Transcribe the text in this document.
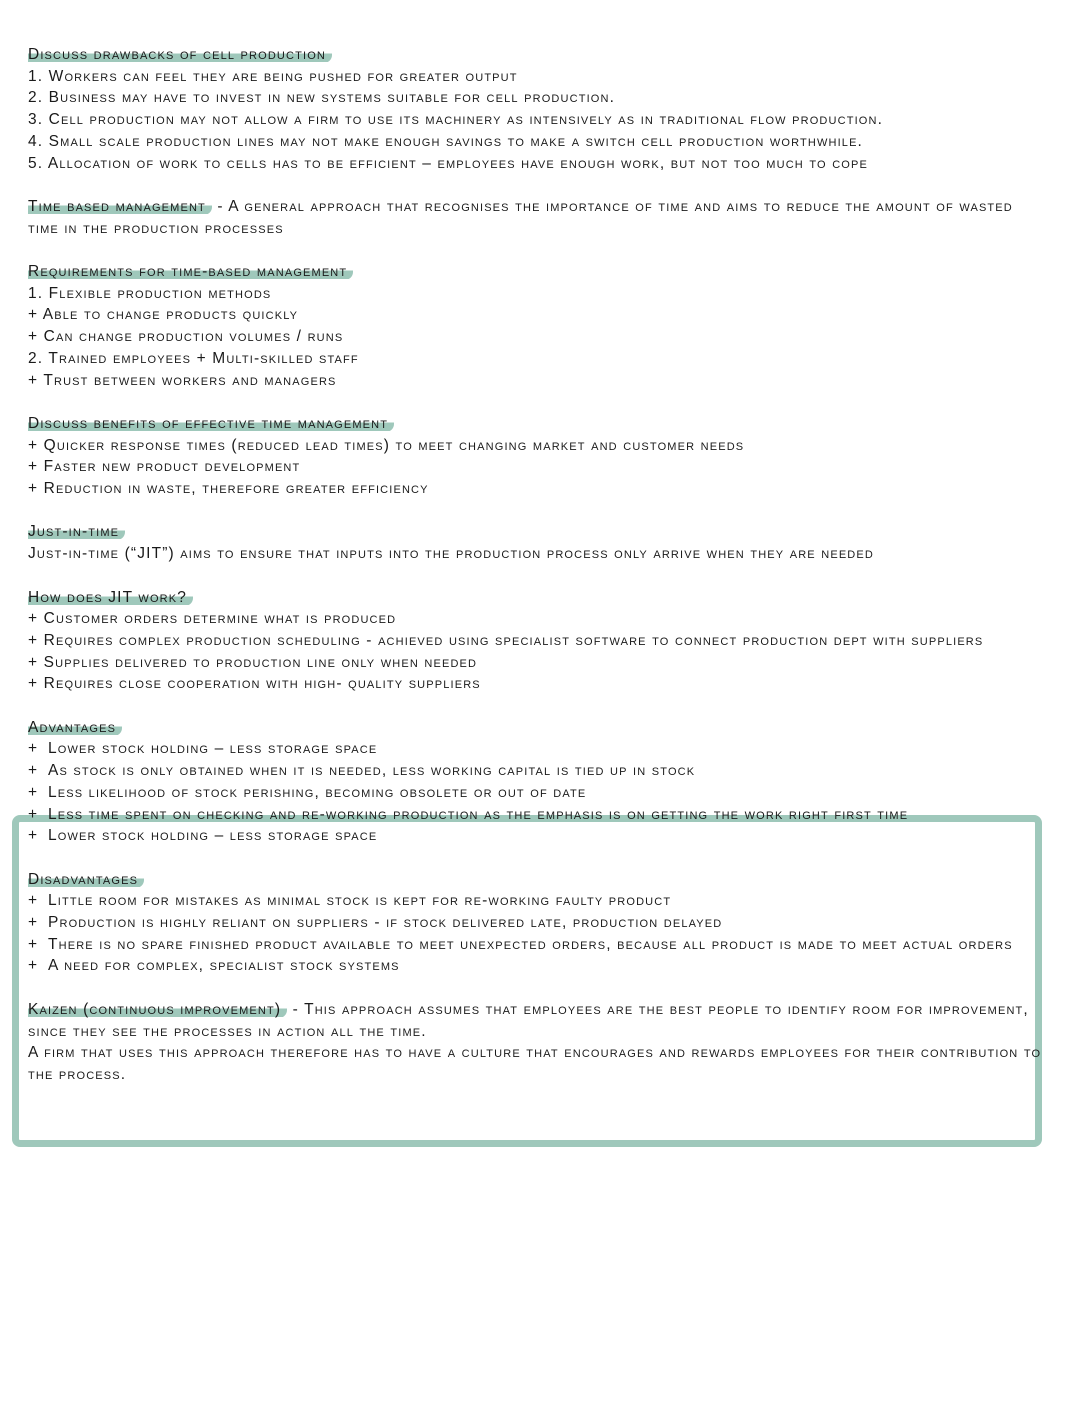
Discuss drawbacks of cell production
1. Workers can feel they are being pushed for greater output
2. Business may have to invest in new systems suitable for cell production.
3. Cell production may not allow a firm to use its machinery as intensively as in traditional flow production.
4. Small scale production lines may not make enough savings to make a switch cell production worthwhile.
5. Allocation of work to cells has to be efficient – employees have enough work, but not too much to cope
Time based management - A general approach that recognises the importance of time and aims to reduce the amount of wasted time in the production processes
Requirements for time-based management
1. Flexible production methods
+ Able to change products quickly
+ Can change production volumes / runs
2. Trained employees + Multi-skilled staff
+ Trust between workers and managers
Discuss benefits of effective time management
+ Quicker response times (reduced lead times) to meet changing market and customer needs
+ Faster new product development
+ Reduction in waste, therefore greater efficiency
Just-in-time
Just-in-time (“JIT”) aims to ensure that inputs into the production process only arrive when they are needed
How does JIT work?
+ Customer orders determine what is produced
+ Requires complex production scheduling - achieved using specialist software to connect production dept with suppliers
+ Supplies delivered to production line only when needed
+ Requires close cooperation with high- quality suppliers
Advantages
+ Lower stock holding – less storage space
+ As stock is only obtained when it is needed, less working capital is tied up in stock
+ Less likelihood of stock perishing, becoming obsolete or out of date
+ Less time spent on checking and re-working production as the emphasis is on getting the work right first time
+ Lower stock holding – less storage space
Disadvantages
+ Little room for mistakes as minimal stock is kept for re-working faulty product
+ Production is highly reliant on suppliers - if stock delivered late, production delayed
+ There is no spare finished product available to meet unexpected orders, because all product is made to meet actual orders
+ A need for complex, specialist stock systems
Kaizen (continuous improvement) - This approach assumes that employees are the best people to identify room for improvement, since they see the processes in action all the time.
A firm that uses this approach therefore has to have a culture that encourages and rewards employees for their contribution to the process.
